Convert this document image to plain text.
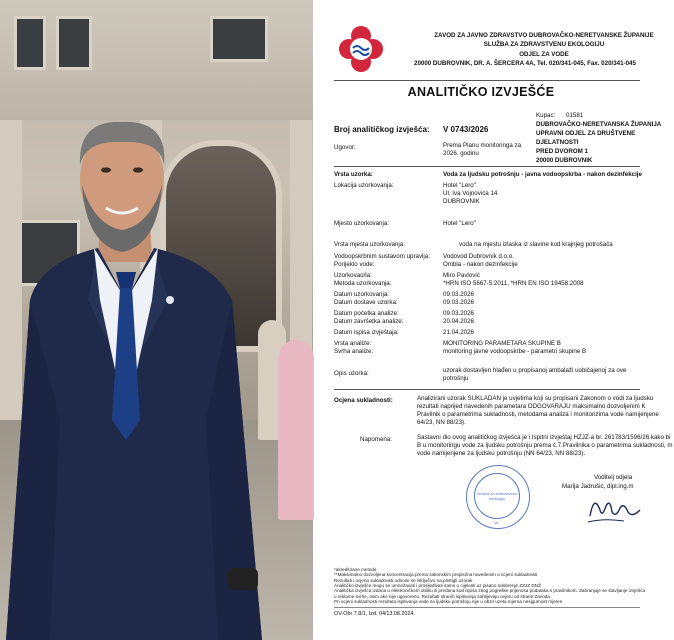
ZAVOD ZA JAVNO ZDRAVSTVO DUBROVAČKO-NERETVANSKE ŽUPANIJE
SLUŽBA ZA ZDRAVSTVENU EKOLOGIJU
ODJEL ZA VODE
20000 DUBROVNIK, DR. A. ŠERCERA 4A, Tel. 020/341-045, Fax. 020/341-045
ANALITIČKO IZVJEŠĆE
Broj analitičkog izvješća: V 0743/2026
Kupac: 01581
DUBROVAČKO-NERETVANSKA ŽUPANIJA
UPRAVNI ODJEL ZA DRUŠTVENE
DJELATNOSTI
PRED DVOROM 1
20000 DUBROVNIK
Ugovor:	Prema Planu monitoringa za
2026. godinu
Vrsta uzorka:	Voda za ljudsku potrošnju - javna vodoopskrba - nakon dezinfekcije
Lokacija uzorkovanja:	Hotel "Lero"
Ul. Iva Vojnovića 14
DUBROVNIK
Mjesto uzorkovanja:	Hotel "Lero"
Vrsta mjesta uzorkovanja:	voda na mjestu izlaska iz slavine kod krajnjeg potrošača
Vodoopskrbnim sustavom upravlja: Vodovod Dubrovnik d.o.o.
Porijeklo vode:	Ombla - nakon dezinfekcije
Uzorkovao/la:	Miro Pavlović
Metoda uzorkovanja:	*HRN ISO 5667-5:2011, *HRN EN ISO 19458:2008
Datum uzorkovanja:	09.03.2026
Datum dostave uzorka:	09.03.2026
Datum početka analize:	09.03.2026
Datum završetka analize:	20.04.2026
Datum ispisa izvještaja:	21.04.2026
Vrsta analize:	MONITORING PARAMETARA SKUPINE B
Svrha analize:	monitoring javne vodoopskrbe - parametri skupine B
Opis uzorka:	uzorak dostavljen hlađen u propisanoj ambalaži uobičajenoj za ove
potrošnju
Ocjena sukladnosti:	Analizirani uzorak SUKLADAN je uvjetima koji su propisani Zakonom o vodi za ljudsku
rezultati naprijed navedenih parametara ODGOVARAJU maksimalno dozvoljenim K
Pravilnik o parametrima sukladnosti, metodama analiza i monitorizima vode namijenjene
64/23, NN 88/23).
Napomena:	Sastavni dio ovog analitičkog izvješća je i Ispitni izvještaj HZJZ-a br. 261783/1596/26 kako bi
B u monitoringu vode za ljudsku potrošnju prema č.7.Pravilnika o parametrima sukladnosti, m
vode namijenjene za ljudsku potrošnju (NN 64/23, NN 88/23).
Voditelj odjela
Marija Jadrušić, dipl.ing.m
Služba za zdravstvenu ekologiju
16
*akreditirane metode
**Maksimalno dozvoljena koncentracija prema zakonskim propisima navedenim u ocjeni sukladnosti
Rezultati i ocjena sukladnosti odnose se isključivo na pristigli uzorak
Analitičko izvješće mogu se umnožavati i prosljeđivati samo u cijelosti uz pisano odobrenje ZZJZ DNŽ
Analitička izvješća izdana u elektroničkom obliku ili predana kod ispisa zbog pogreške prijenosa podataka s pravilnikom. Zabranjuje se stavljanje izvješća
u reklame svrhe, osim ako nije ugovoreno. Rezultati stranih ispitivanja zahtijevaju ovjeru od strane Zavoda
Pri ocjeni sukladnosti rezultata ispitivanja vode za ljudsku potrošnju nije u obzir uzeta mjerna nesigurnost mjeren
OV-Obr 7.8/1, Izd. 04/13.08.2024.
